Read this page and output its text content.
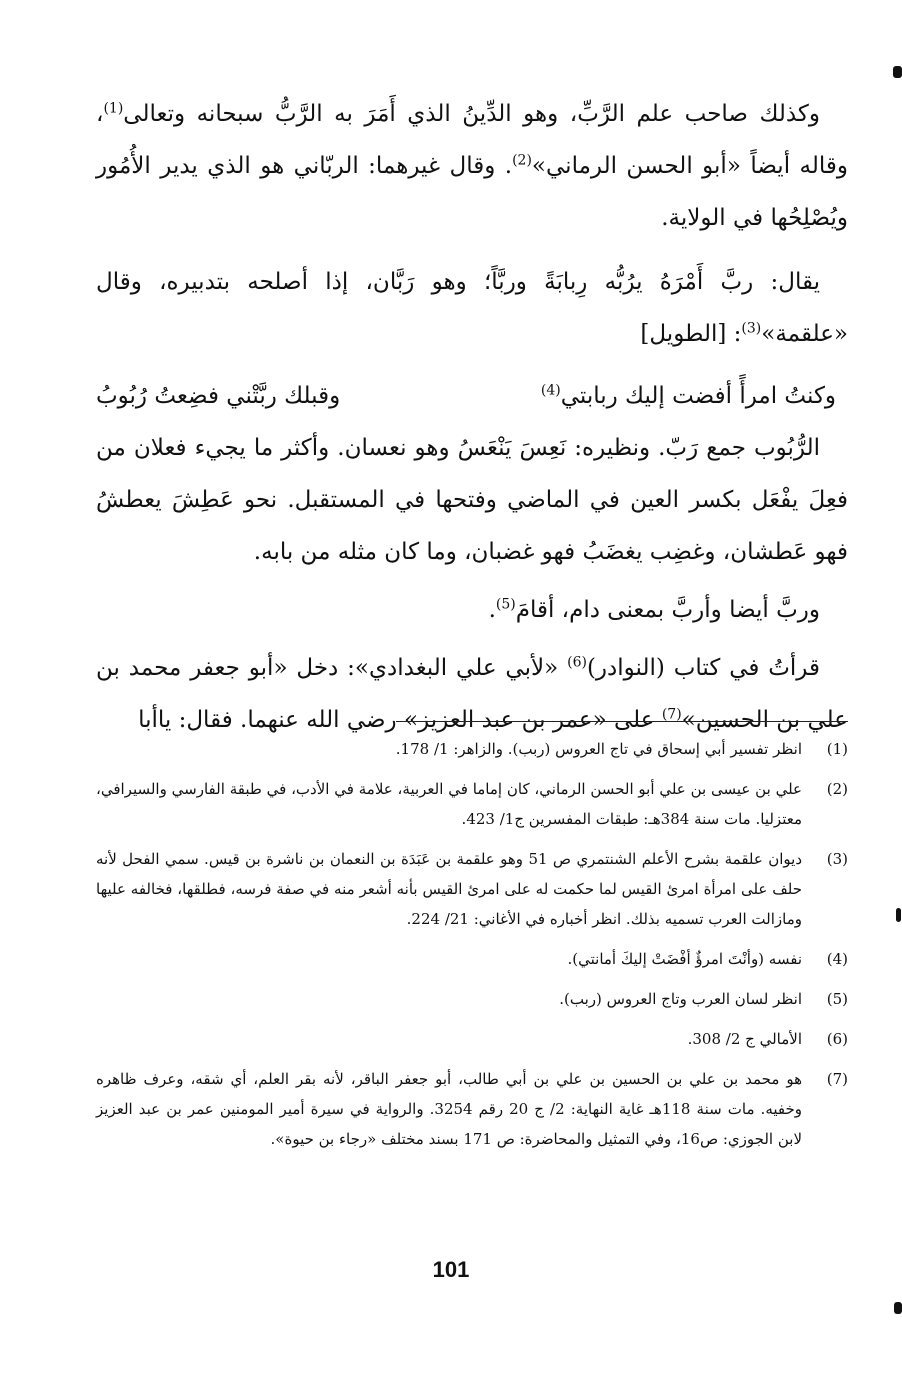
وكذلك صاحب علم الرَّبِّ، وهو الدِّينُ الذي أَمَرَ به الرَّبُّ سبحانه وتعالى$^{(1)}$، وقاله أيضاً «أبو الحسن الرماني»$^{(2)}$. وقال غيرهما: الربّاني هو الذي يدير الأُمُور ويُصْلِحُها في الولاية.

يقال: ربَّ أَمْرَهُ يرُبُّه رِبابَةً وربَّاً؛ وهو رَبَّان، إذا أصلحه بتدبيره، وقال «علقمة»$^{(3)}$: [الطويل]

وكنتُ امرأً أفضت إليك ربابتي$^{(4)}$
وقبلك ربَّتْني فضِعتُ رُبُوبُ

الرُّبُوب جمع رَبّ. ونظيره: نَعِسَ يَنْعَسُ وهو نعسان. وأكثر ما يجيء فعلان من فعِلَ يفْعَل بكسر العين في الماضي وفتحها في المستقبل. نحو عَطِشَ يعطشُ فهو عَطشان، وغضِب يغضَبُ فهو غضبان، وما كان مثله من بابه.

وربَّ أيضا وأربَّ بمعنى دام، أقامَ$^{(5)}$.

قرأتُ في كتاب (النوادر)$^{(6)}$ «لأبي علي البغدادي»: دخل «أبو جعفر محمد بن علي بن الحسين»$^{(7)}$ على «عمر بن عبد العزيز» رضي الله عنهما. فقال: ياأبا

(1)
انظر تفسير أبي إسحاق في تاج العروس (ربب). والزاهر: 1/ 178.
(2)
علي بن عيسى بن علي أبو الحسن الرماني، كان إماما في العربية، علامة في الأدب، في طبقة الفارسي والسيرافي، معتزليا. مات سنة 384هـ: طبقات المفسرين ج1/ 423.
(3)
ديوان علقمة بشرح الأعلم الشنتمري ص 51 وهو علقمة بن عَبَدَة بن النعمان بن ناشرة بن قيس. سمي الفحل لأنه حلف على امرأة امرئ القيس لما حكمت له على امرئ القيس بأنه أشعر منه في صفة فرسه، فطلقها، فخالفه عليها ومازالت العرب تسميه بذلك. انظر أخباره في الأغاني: 21/ 224.
(4)
نفسه (وأنْتَ امرؤٌ أفْضَتْ إليكَ أمانتي).
(5)
انظر لسان العرب وتاج العروس (ربب).
(6)
الأمالي ج 2/ 308.
(7)
هو محمد بن علي بن الحسين بن علي بن أبي طالب، أبو جعفر الباقر، لأنه بقر العلم، أي شقه، وعرف ظاهره وخفيه. مات سنة 118هـ غاية النهاية: 2/ ج 20 رقم 3254. والرواية في سيرة أمير المومنين عمر بن عبد العزيز لابن الجوزي: ص16، وفي التمثيل والمحاضرة: ص 171 بسند مختلف «رجاء بن حيوة».
101
